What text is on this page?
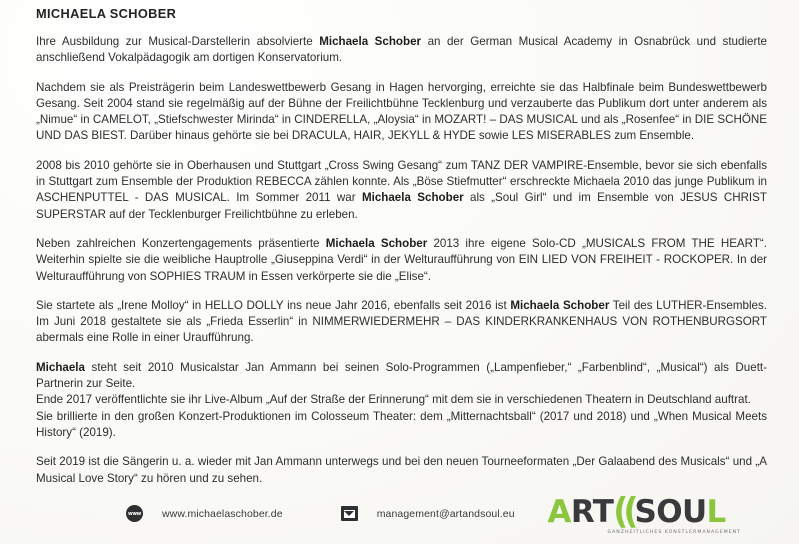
MICHAELA SCHOBER

Ihre Ausbildung zur Musical-Darstellerin absolvierte Michaela Schober an der German Musical Academy in Osnabrück und studierte anschließend Vokalpädagogik am dortigen Konservatorium.

Nachdem sie als Preisträgerin beim Landeswettbewerb Gesang in Hagen hervorging, erreichte sie das Halbfinale beim Bundeswettbewerb Gesang. Seit 2004 stand sie regelmäßig auf der Bühne der Freilichtbühne Tecklenburg und verzauberte das Publikum dort unter anderem als „Nimue“ in CAMELOT, „Stiefschwester Mirinda“ in CINDERELLA, „Aloysia“ in MOZART! – DAS MUSICAL und als „Rosenfee“ in DIE SCHÖNE UND DAS BIEST. Darüber hinaus gehörte sie bei DRACULA, HAIR, JEKYLL & HYDE sowie LES MISERABLES zum Ensemble.

2008 bis 2010 gehörte sie in Oberhausen und Stuttgart „Cross Swing Gesang“ zum TANZ DER VAMPIRE-Ensemble, bevor sie sich ebenfalls in Stuttgart zum Ensemble der Produktion REBECCA zählen konnte. Als „Böse Stiefmutter“ erschreckte Michaela 2010 das junge Publikum in ASCHENPUTTEL - DAS MUSICAL. Im Sommer 2011 war Michaela Schober als „Soul Girl“ und im Ensemble von JESUS CHRIST SUPERSTAR auf der Tecklenburger Freilichtbühne zu erleben.

Neben zahlreichen Konzertengagements präsentierte Michaela Schober 2013 ihre eigene Solo-CD „MUSICALS FROM THE HEART“. Weiterhin spielte sie die weibliche Hauptrolle „Giuseppina Verdi“ in der Welturaufführung von EIN LIED VON FREIHEIT - ROCKOPER. In der Welturaufführung von SOPHIES TRAUM in Essen verkörperte sie die „Elise“.

Sie startete als „Irene Molloy“ in HELLO DOLLY ins neue Jahr 2016, ebenfalls seit 2016 ist Michaela Schober Teil des LUTHER-Ensembles. Im Juni 2018 gestaltete sie als „Frieda Esserlin“ in NIMMERWIEDERMEHR – DAS KINDERKRANKENHAUS VON ROTHENBURGSORT abermals eine Rolle in einer Uraufführung.

Michaela steht seit 2010 Musicalstar Jan Ammann bei seinen Solo-Programmen („Lampenfieber,“ „Farbenblind“, „Musical“) als Duett-Partnerin zur Seite.

Ende 2017 veröffentlichte sie ihr Live-Album „Auf der Straße der Erinnerung“ mit dem sie in verschiedenen Theatern in Deutschland auftrat.

Sie brillierte in den großen Konzert-Produktionen im Colosseum Theater: dem „Mitternachtsball“ (2017 und 2018) und „When Musical Meets History“ (2019).

Seit 2019 ist die Sängerin u. a. wieder mit Jan Ammann unterwegs und bei den neuen Tourneeformaten „Der Galaabend des Musicals“ und „A Musical Love Story“ zu hören und zu sehen.

www
www.michaelaschober.de	management@artandsoul.eu ART((SOUL
GANZHEITLICHES KÜNSTLERMANAGEMENT
